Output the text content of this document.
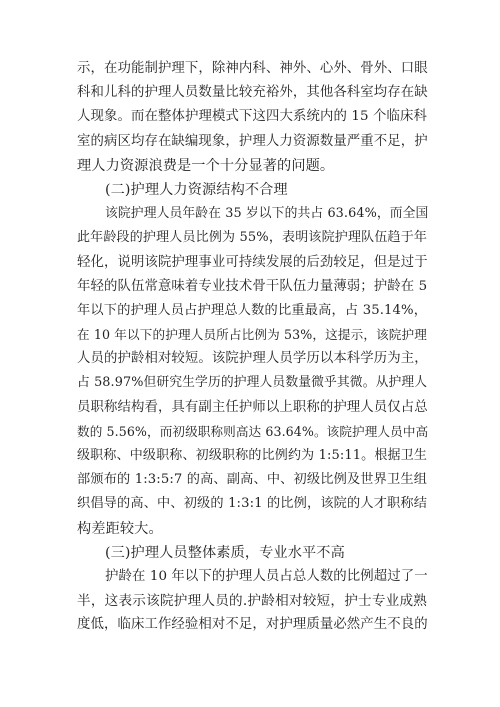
示，在功能制护理下，除神内科、神外、心外、骨外、口眼
科和儿科的护理人员数量比较充裕外，其他各科室均存在缺
人现象。而在整体护理模式下这四大系统内的 15 个临床科
室的病区均存在缺编现象，护理人力资源数量严重不足，护
理人力资源浪费是一个十分显著的问题。
(二)护理人力资源结构不合理
该院护理人员年龄在 35 岁以下的共占 63.64%，而全国
此年龄段的护理人员比例为 55%，表明该院护理队伍趋于年
轻化，说明该院护理事业可持续发展的后劲较足，但是过于
年轻的队伍常意味着专业技术骨干队伍力量薄弱；护龄在 5
年以下的护理人员占护理总人数的比重最高，占 35.14%，
在 10 年以下的护理人员所占比例为 53%，这提示，该院护理
人员的护龄相对较短。该院护理人员学历以本科学历为主，
占 58.97%但研究生学历的护理人员数量微乎其微。从护理人
员职称结构看，具有副主任护师以上职称的护理人员仅占总
数的 5.56%，而初级职称则高达 63.64%。该院护理人员中高
级职称、中级职称、初级职称的比例约为 1:5:11。根据卫生
部颁布的 1:3:5:7 的高、副高、中、初级比例及世界卫生组
织倡导的高、中、初级的 1:3:1 的比例，该院的人才职称结
构差距较大。
(三)护理人员整体素质，专业水平不高
护龄在 10 年以下的护理人员占总人数的比例超过了一
半，这表示该院护理人员的.护龄相对较短，护士专业成熟
度低，临床工作经验相对不足，对护理质量必然产生不良的
